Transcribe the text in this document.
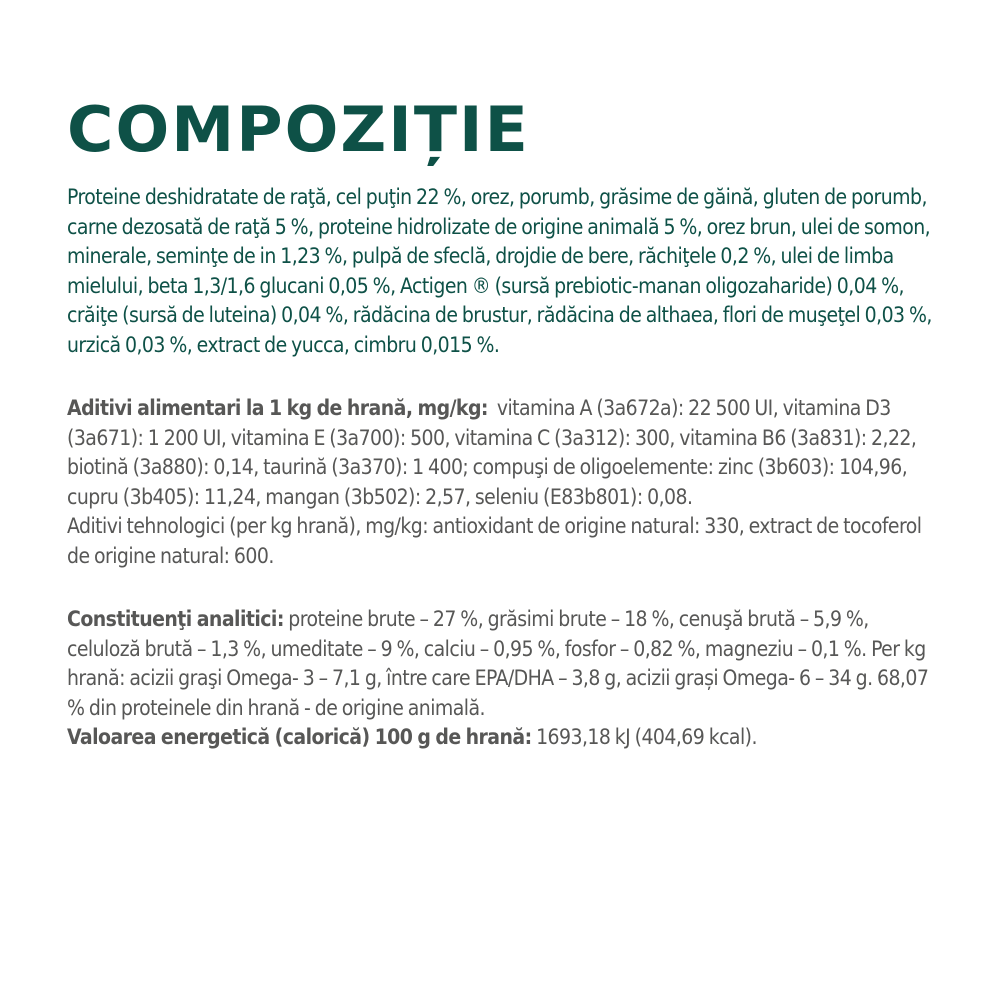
COMPOZIȚIE

Proteine deshidratate de raţă, cel puţin 22 %, orez, porumb, grăsime de găină, gluten de porumb, carne dezosată de raţă 5 %, proteine hidrolizate de origine animală 5 %, orez brun, ulei de somon, minerale, seminţe de in 1,23 %, pulpă de sfeclă, drojdie de bere, răchiţele 0,2 %, ulei de limba mielului, beta 1,3/1,6 glucani 0,05 %, Actigen ® (sursă prebiotic-manan oligozaharide) 0,04 %, crăiţe (sursă de luteina) 0,04 %, rădăcina de brustur, rădăcina de althaea, flori de muşeţel 0,03 %, urzică 0,03 %, extract de yucca, cimbru 0,015 %.

Aditivi alimentari la 1 kg de hrană, mg/kg:  vitamina A (3a672a): 22 500 UI, vitamina D3 (3a671): 1 200 UI, vitamina E (3a700): 500, vitamina C (3a312): 300, vitamina B6 (3a831): 2,22, biotină (3a880): 0,14, taurină (3a370): 1 400; compuşi de oligoelemente: zinc (3b603): 104,96, cupru (3b405): 11,24, mangan (3b502): 2,57, seleniu (E83b801): 0,08.

Aditivi tehnologici (per kg hrană), mg/kg: antioxidant de origine natural: 330, extract de tocoferol de origine natural: 600.

Constituenţi analitici: proteine brute – 27 %, grăsimi brute – 18 %, cenuşă brută – 5,9 %, celuloză brută – 1,3 %, umeditate – 9 %, calciu – 0,95 %, fosfor – 0,82 %, magneziu – 0,1 %. Per kg hrană: acizii graşi Omega- 3 – 7,1 g, între care EPA/DHA – 3,8 g, acizii grași Omega- 6 – 34 g. 68,07 % din proteinele din hrană - de origine animală.

Valoarea energetică (calorică) 100 g de hrană: 1693,18 kJ (404,69 kcal).
